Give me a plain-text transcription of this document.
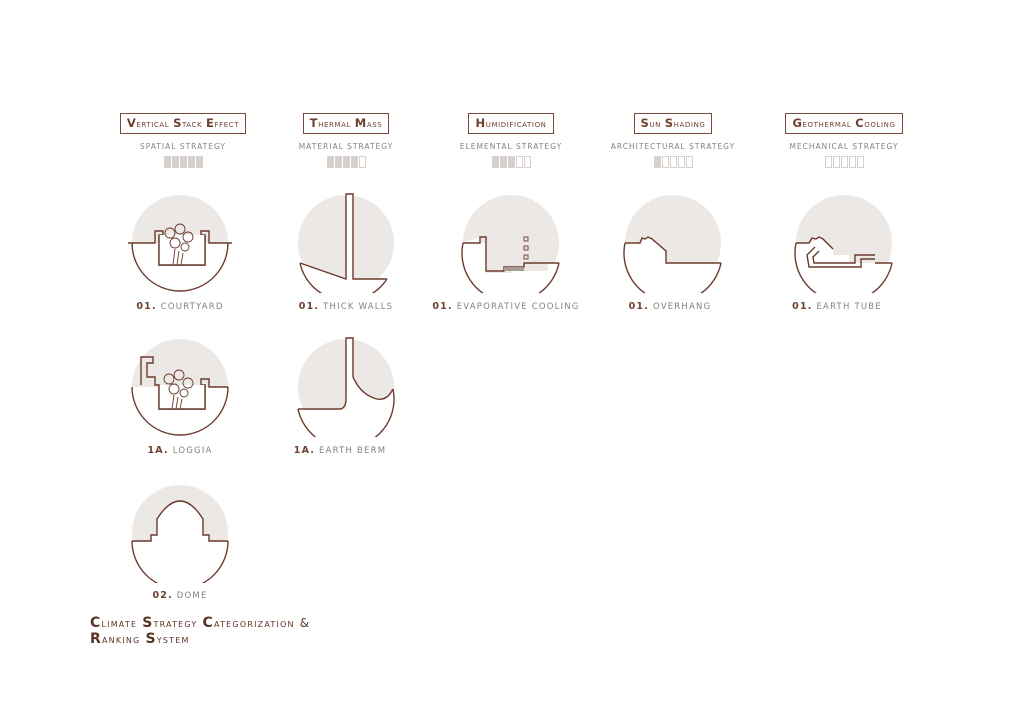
Vertical Stack Effect
SPATIAL STRATEGY
Thermal Mass
MATERIAL STRATEGY
Humidification
ELEMENTAL STRATEGY
Sun Shading
ARCHITECTURAL STRATEGY
Geothermal Cooling
MECHANICAL STRATEGY
01. COURTYARD	01. THICK WALLS	01. EVAPORATIVE COOLING	01. OVERHANG	01. EARTH TUBE
1A. LOGGIA	1A. EARTH BERM
02. DOME
Climate Strategy Categorization &
Ranking System
